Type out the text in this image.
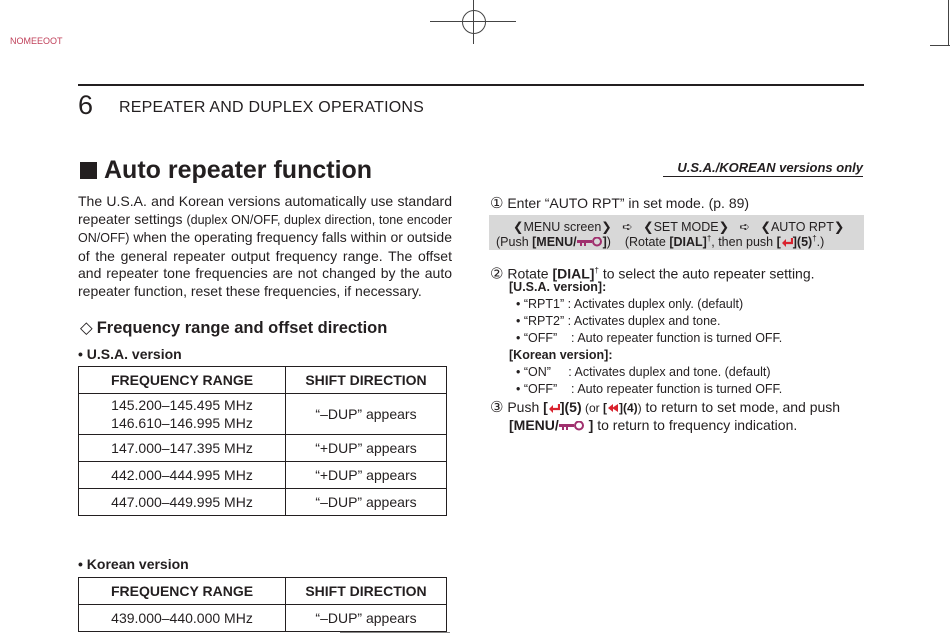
NOMEEOOT
6 REPEATER AND DUPLEX OPERATIONS
Auto repeater function	U.S.A./KOREAN versions only
The U.S.A. and Korean versions automatically use standard repeater settings (duplex ON/OFF, duplex direction, tone encoder ON/OFF) when the operating frequency falls within or outside of the general repeater output frequency range. The offset and repeater tone frequencies are not changed by the auto repeater function, reset these frequencies, if necessary.
◇ Frequency range and offset direction
• U.S.A. version
FREQUENCY RANGE	SHIFT DIRECTION
145.200–145.495 MHz
146.610–146.995 MHz	“–DUP” appears
147.000–147.395 MHz	“+DUP” appears
442.000–444.995 MHz	“+DUP” appears
447.000–449.995 MHz	“–DUP” appears
• Korean version
FREQUENCY RANGE	SHIFT DIRECTION
439.000–440.000 MHz	“–DUP” appears
① Enter “AUTO RPT” in set mode. (p. 89)
❮MENU screen❯ ➪ ❮SET MODE❯ ➪ ❮AUTO RPT❯
(Push [MENU/ ]) (Rotate [DIAL]†, then push [ ](5)†.)
② Rotate [DIAL]† to select the auto repeater setting.
[U.S.A. version]:
• “RPT1” : Activates duplex only. (default)
• “RPT2” : Activates duplex and tone.
• “OFF”    : Auto repeater function is turned OFF.
[Korean version]:
• “ON”     : Activates duplex and tone. (default)
• “OFF”    : Auto repeater function is turned OFF.
③ Push [ ](5) (or [ ](4)) to return to set mode, and push
[MENU/ ] to return to frequency indication.
